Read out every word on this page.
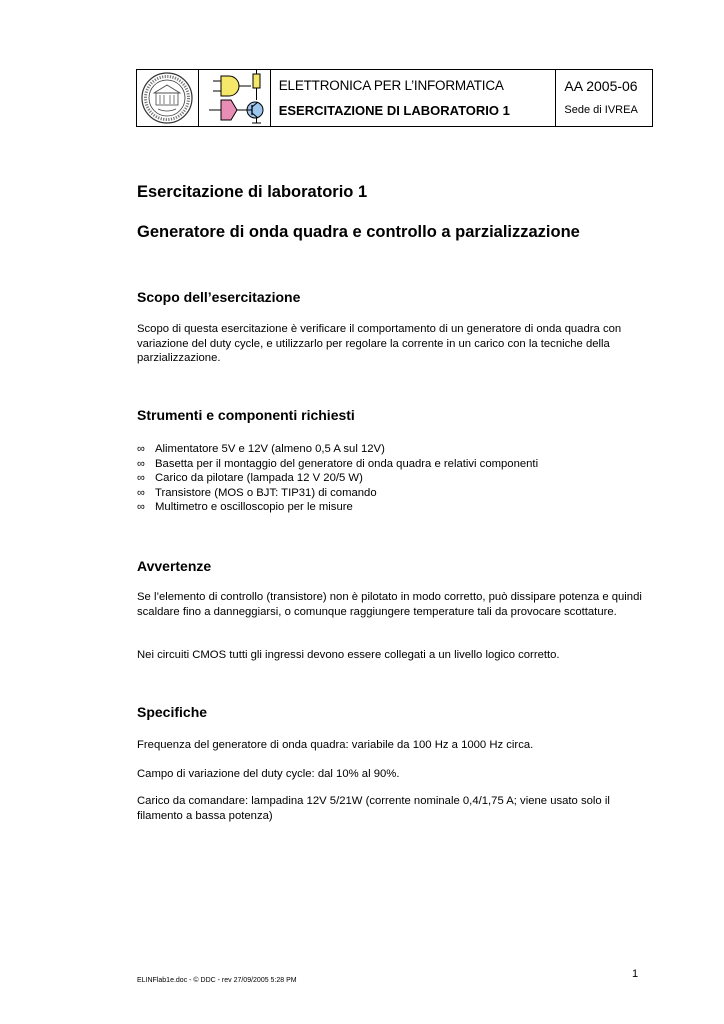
ELETTRONICA PER L’INFORMATICA
ESERCITAZIONE DI LABORATORIO 1
AA 2005-06
Sede di IVREA
Esercitazione di laboratorio 1
Generatore di onda quadra e controllo a parzializzazione
Scopo dell’esercitazione
Scopo di questa esercitazione è verificare il comportamento di un generatore di onda quadra con variazione del duty cycle, e utilizzarlo per regolare la corrente in un carico con la tecniche della parzializzazione.
Strumenti e componenti richiesti
∞ Alimentatore 5V e 12V (almeno 0,5 A sul 12V)
∞ Basetta per il montaggio del generatore di onda quadra e relativi componenti
∞ Carico da pilotare (lampada 12 V 20/5 W)
∞ Transistore (MOS o BJT: TIP31) di comando
∞ Multimetro e oscilloscopio per le misure
Avvertenze
Se l’elemento di controllo (transistore) non è pilotato in modo corretto, può dissipare potenza e quindi scaldare fino a danneggiarsi, o comunque raggiungere temperature tali da provocare scottature.
Nei circuiti CMOS tutti gli ingressi devono essere collegati a un livello logico corretto.
Specifiche
Frequenza del generatore di onda quadra: variabile da 100 Hz a 1000 Hz circa.
Campo di variazione del duty cycle: dal 10% al 90%.
Carico da comandare: lampadina 12V 5/21W (corrente nominale 0,4/1,75 A; viene usato solo il filamento a bassa potenza)
ELINFlab1e.doc - © DDC - rev 27/09/2005 5:28 PM
1
